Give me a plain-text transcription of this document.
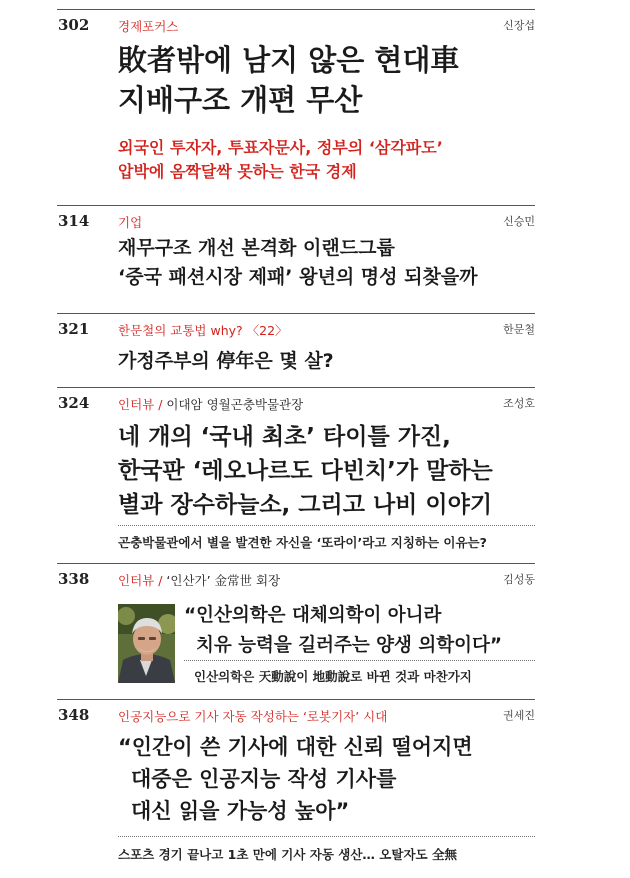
302 경제포커스	신장섭
敗者밖에 남지 않은 현대車
지배구조 개편 무산
외국인 투자자, 투표자문사, 정부의 ‘삼각파도’
압박에 옴짝달싹 못하는 한국 경제
314 기업	신승민
재무구조 개선 본격화 이랜드그룹
‘중국 패션시장 제패’ 왕년의 명성 되찾을까
321 한문철의 교통법 why? 〈22〉	한문철
가정주부의 停年은 몇 살?
324 인터뷰 / 이대암 영월곤충박물관장	조성호
네 개의 ‘국내 최초’ 타이틀 가진,
한국판 ‘레오나르도 다빈치’가 말하는
별과 장수하늘소, 그리고 나비 이야기
곤충박물관에서 별을 발견한 자신을 ‘또라이’라고 지칭하는 이유는?
338 인터뷰 / ‘인산가’ 金常世 회장	김성동
“인산의학은 대체의학이 아니라
치유 능력을 길러주는 양생 의학이다”
인산의학은 天動說이 地動說로 바뀐 것과 마찬가지
348 인공지능으로 기사 자동 작성하는 ‘로봇기자’ 시대	권세진
“인간이 쓴 기사에 대한 신뢰 떨어지면
대중은 인공지능 작성 기사를
대신 읽을 가능성 높아”
스포츠 경기 끝나고 1초 만에 기사 자동 생산… 오탈자도 全無
